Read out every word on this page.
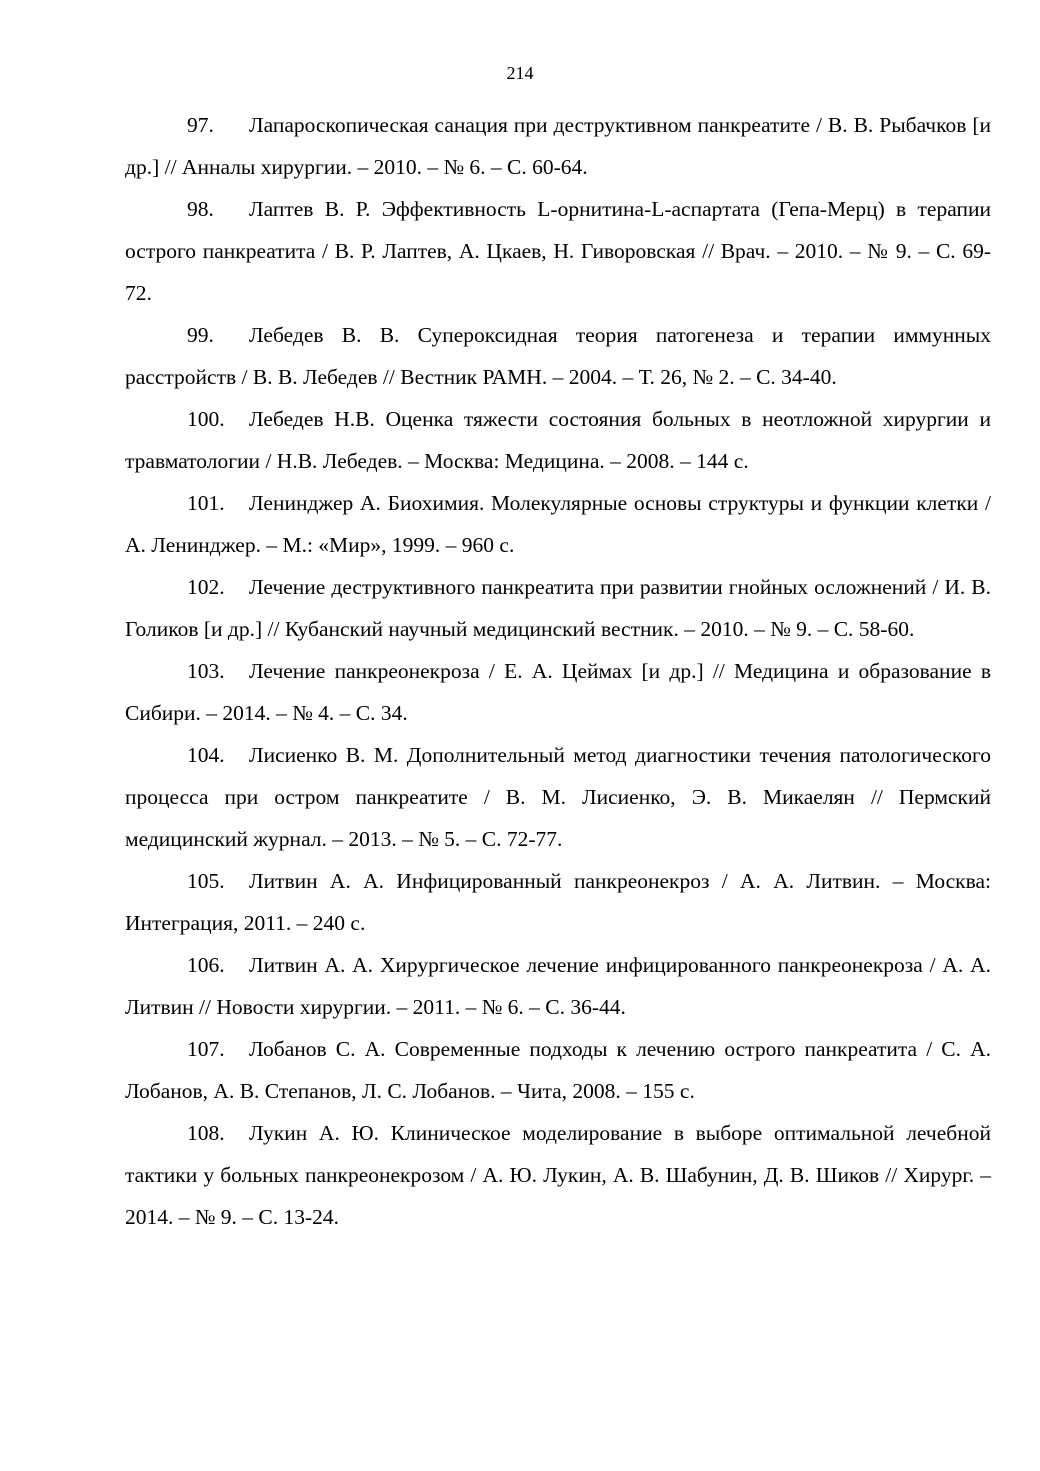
214

97. Лапароскопическая санация при деструктивном панкреатите / В. В. Рыбачков [и др.] // Анналы хирургии. – 2010. – № 6. – С. 60-64.

98. Лаптев В. Р. Эффективность L-орнитина-L-аспартата (Гепа-Мерц) в терапии острого панкреатита / В. Р. Лаптев, А. Цкаев, Н. Гиворовская // Врач. – 2010. – № 9. – С. 69-72.

99. Лебедев В. В. Супероксидная теория патогенеза и терапии иммунных расстройств / В. В. Лебедев // Вестник РАМН. – 2004. – Т. 26, № 2. – С. 34-40.

100. Лебедев Н.В. Оценка тяжести состояния больных в неотложной хирургии и травматологии / Н.В. Лебедев. – Москва: Медицина. – 2008. – 144 с.

101. Ленинджер А. Биохимия. Молекулярные основы структуры и функции клетки / А. Ленинджер. – М.: «Мир», 1999. – 960 с.

102. Лечение деструктивного панкреатита при развитии гнойных осложнений / И. В. Голиков [и др.] // Кубанский научный медицинский вестник. – 2010. – № 9. – С. 58-60.

103. Лечение панкреонекроза / Е. А. Цеймах [и др.] // Медицина и образование в Сибири. – 2014. – № 4. – С. 34.

104. Лисиенко В. М. Дополнительный метод диагностики течения патологического процесса при остром панкреатите / В. М. Лисиенко, Э. В. Микаелян // Пермский медицинский журнал. – 2013. – № 5. – С. 72-77.

105. Литвин А. А. Инфицированный панкреонекроз / А. А. Литвин. – Москва: Интеграция, 2011. – 240 с.

106. Литвин А. А. Хирургическое лечение инфицированного панкреонекроза / А. А. Литвин // Новости хирургии. – 2011. – № 6. – С. 36-44.

107. Лобанов С. А. Современные подходы к лечению острого панкреатита / С. А. Лобанов, А. В. Степанов, Л. С. Лобанов. – Чита, 2008. – 155 с.

108. Лукин А. Ю. Клиническое моделирование в выборе оптимальной лечебной тактики у больных панкреонекрозом / А. Ю. Лукин, А. В. Шабунин, Д. В. Шиков // Хирург. – 2014. – № 9. – С. 13-24.
